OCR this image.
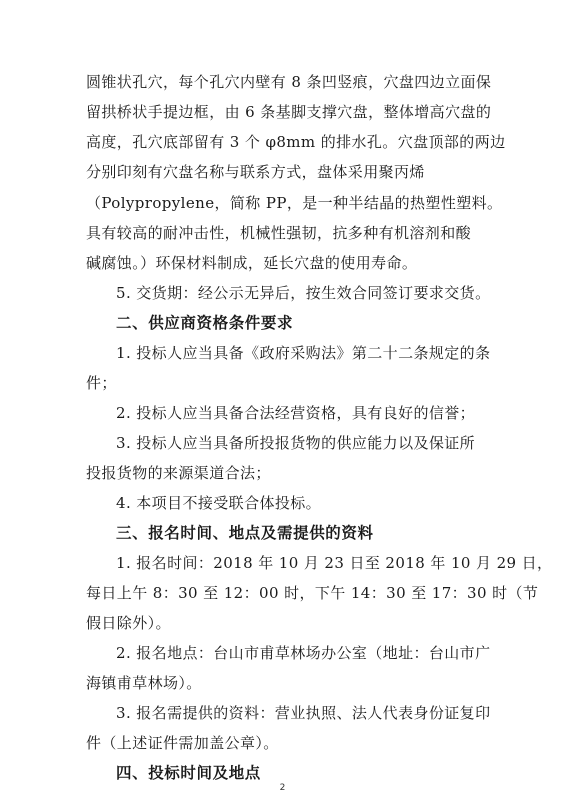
圆锥状孔穴，每个孔穴内壁有 8 条凹竖痕，穴盘四边立面保
留拱桥状手提边框，由 6 条基脚支撑穴盘，整体增高穴盘的
高度，孔穴底部留有 3 个 φ8mm 的排水孔。穴盘顶部的两边
分别印刻有穴盘名称与联系方式，盘体采用聚丙烯
（Polypropylene，简称 PP，是一种半结晶的热塑性塑料。
具有较高的耐冲击性，机械性强韧，抗多种有机溶剂和酸
碱腐蚀。）环保材料制成，延长穴盘的使用寿命。
5. 交货期：经公示无异后，按生效合同签订要求交货。
二、供应商资格条件要求
1. 投标人应当具备《政府采购法》第二十二条规定的条
件；
2. 投标人应当具备合法经营资格，具有良好的信誉；
3. 投标人应当具备所投报货物的供应能力以及保证所
投报货物的来源渠道合法；
4. 本项目不接受联合体投标。
三、报名时间、地点及需提供的资料
1. 报名时间：2018 年 10 月 23 日至 2018 年 10 月 29 日，
每日上午 8：30 至 12：00 时，下午 14：30 至 17：30 时（节
假日除外）。
2. 报名地点：台山市甫草林场办公室（地址：台山市广
海镇甫草林场）。
3. 报名需提供的资料：营业执照、法人代表身份证复印
件（上述证件需加盖公章）。
四、投标时间及地点
2
